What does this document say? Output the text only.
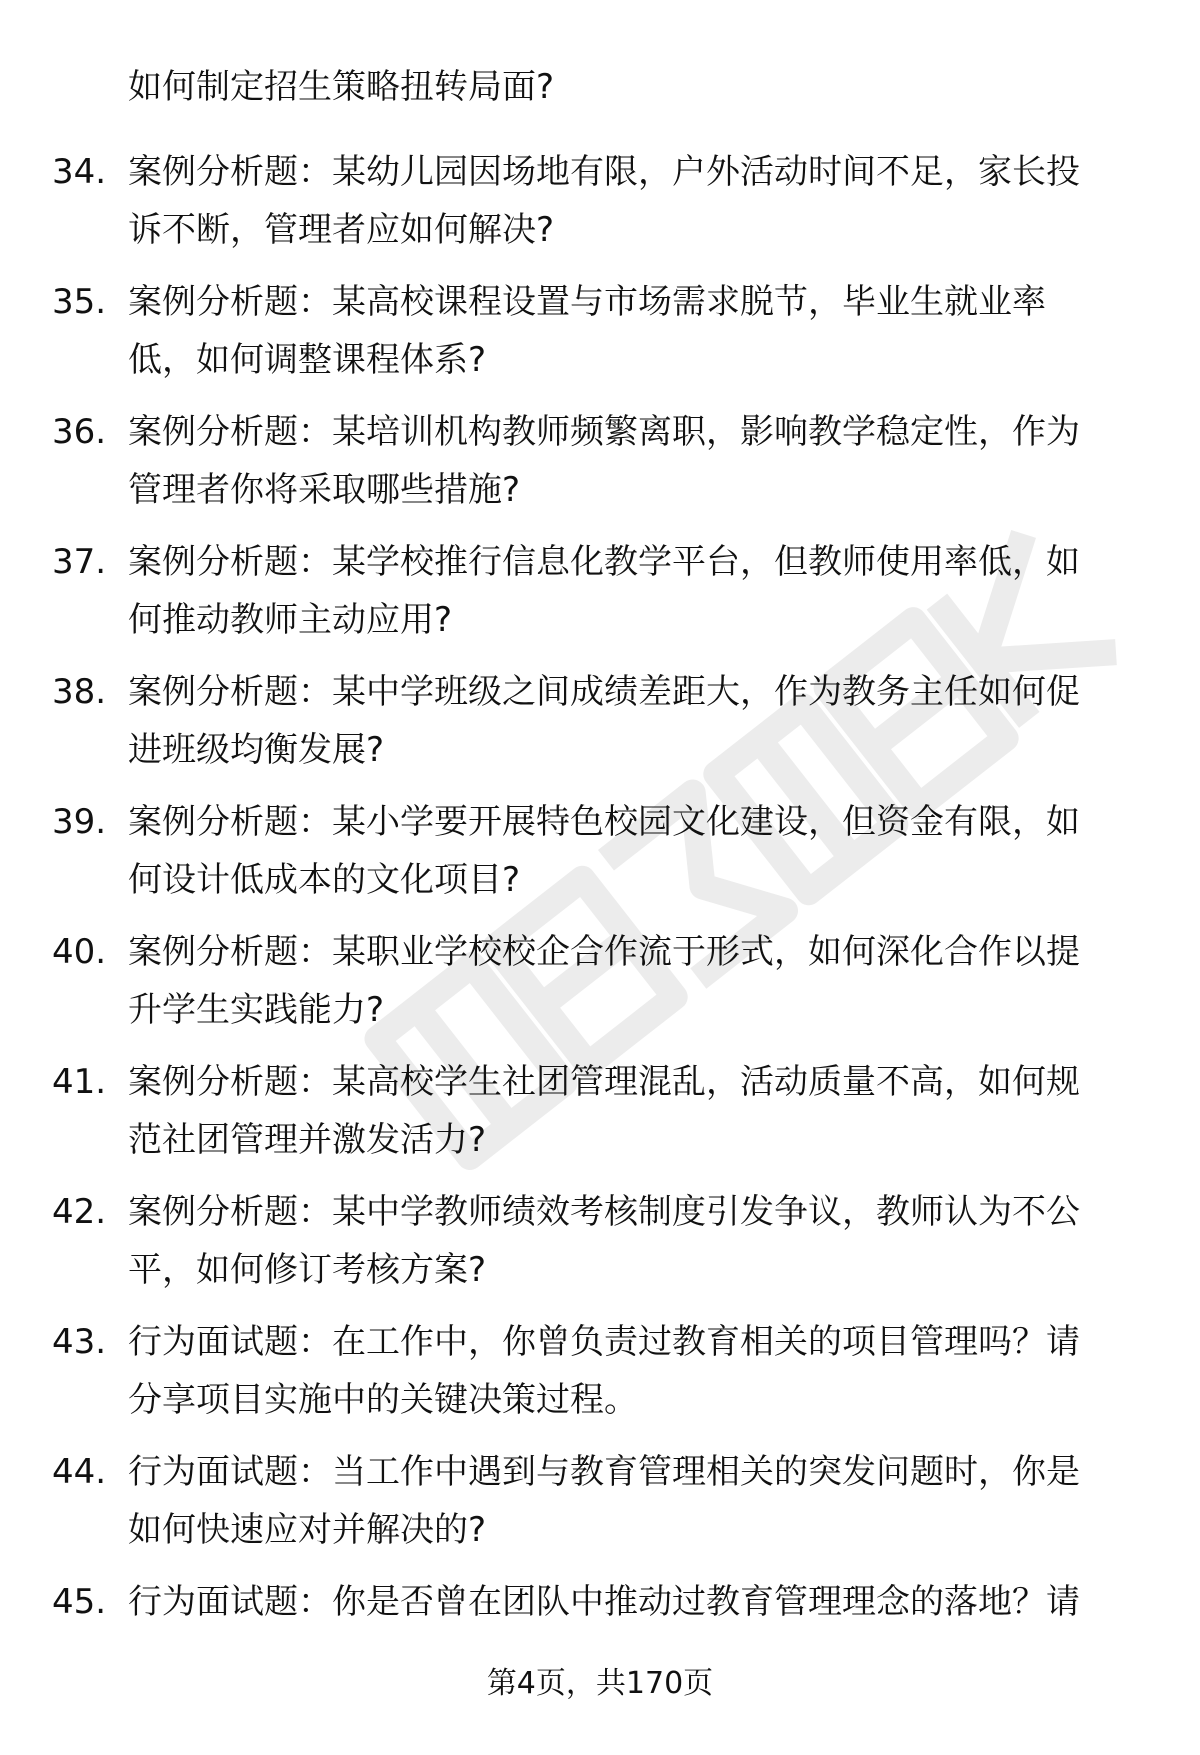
如何制定招生策略扭转局面?
34. 案例分析题：某幼儿园因场地有限，户外活动时间不足，家长投
诉不断，管理者应如何解决?
35. 案例分析题：某高校课程设置与市场需求脱节，毕业生就业率
低，如何调整课程体系?
36. 案例分析题：某培训机构教师频繁离职，影响教学稳定性，作为
管理者你将采取哪些措施?
37. 案例分析题：某学校推行信息化教学平台，但教师使用率低，如
何推动教师主动应用?
38. 案例分析题：某中学班级之间成绩差距大，作为教务主任如何促
进班级均衡发展?
39. 案例分析题：某小学要开展特色校园文化建设，但资金有限，如
何设计低成本的文化项目?
40. 案例分析题：某职业学校校企合作流于形式，如何深化合作以提
升学生实践能力?
41. 案例分析题：某高校学生社团管理混乱，活动质量不高，如何规
范社团管理并激发活力?
42. 案例分析题：某中学教师绩效考核制度引发争议，教师认为不公
平，如何修订考核方案?
43. 行为面试题：在工作中，你曾负责过教育相关的项目管理吗？请
分享项目实施中的关键决策过程。
44. 行为面试题：当工作中遇到与教育管理相关的突发问题时，你是
如何快速应对并解决的?
45. 行为面试题：你是否曾在团队中推动过教育管理理念的落地？请
第4页，共170页
